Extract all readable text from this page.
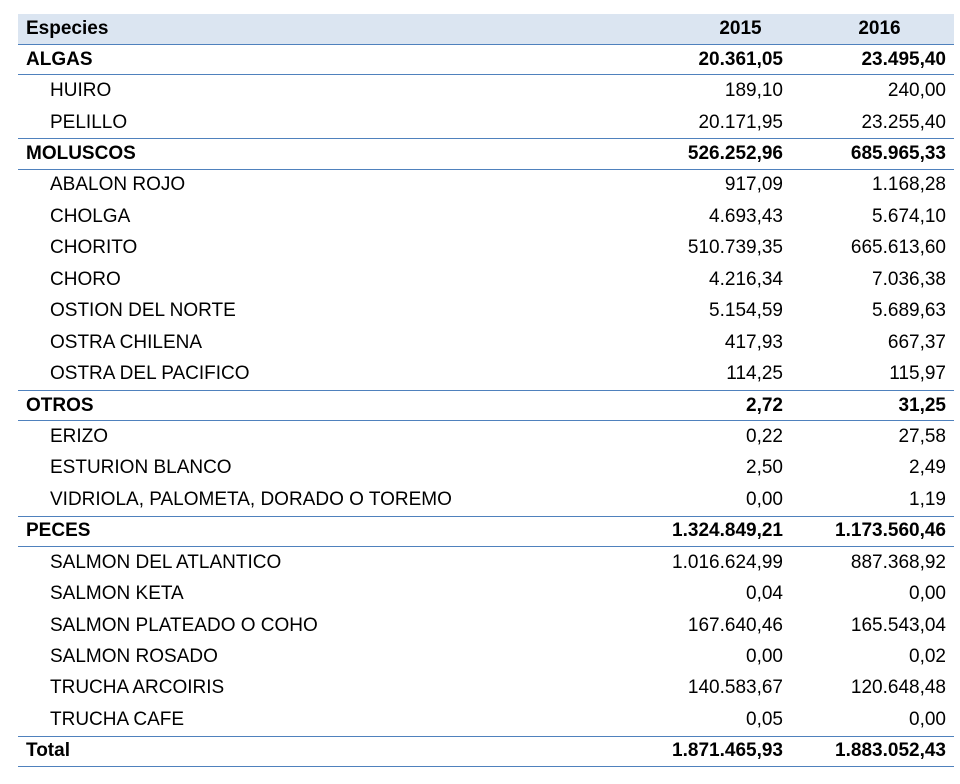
Especies	2015	2016
ALGAS	20.361,05	23.495,40
HUIRO	189,10	240,00
PELILLO	20.171,95	23.255,40
MOLUSCOS	526.252,96	685.965,33
ABALON ROJO	917,09	1.168,28
CHOLGA	4.693,43	5.674,10
CHORITO	510.739,35	665.613,60
CHORO	4.216,34	7.036,38
OSTION DEL NORTE	5.154,59	5.689,63
OSTRA CHILENA	417,93	667,37
OSTRA DEL PACIFICO	114,25	115,97
OTROS	2,72	31,25
ERIZO	0,22	27,58
ESTURION BLANCO	2,50	2,49
VIDRIOLA, PALOMETA, DORADO O TOREMO	0,00	1,19
PECES	1.324.849,21	1.173.560,46
SALMON DEL ATLANTICO	1.016.624,99	887.368,92
SALMON KETA	0,04	0,00
SALMON PLATEADO O COHO	167.640,46	165.543,04
SALMON ROSADO	0,00	0,02
TRUCHA ARCOIRIS	140.583,67	120.648,48
TRUCHA CAFE	0,05	0,00
Total	1.871.465,93	1.883.052,43
